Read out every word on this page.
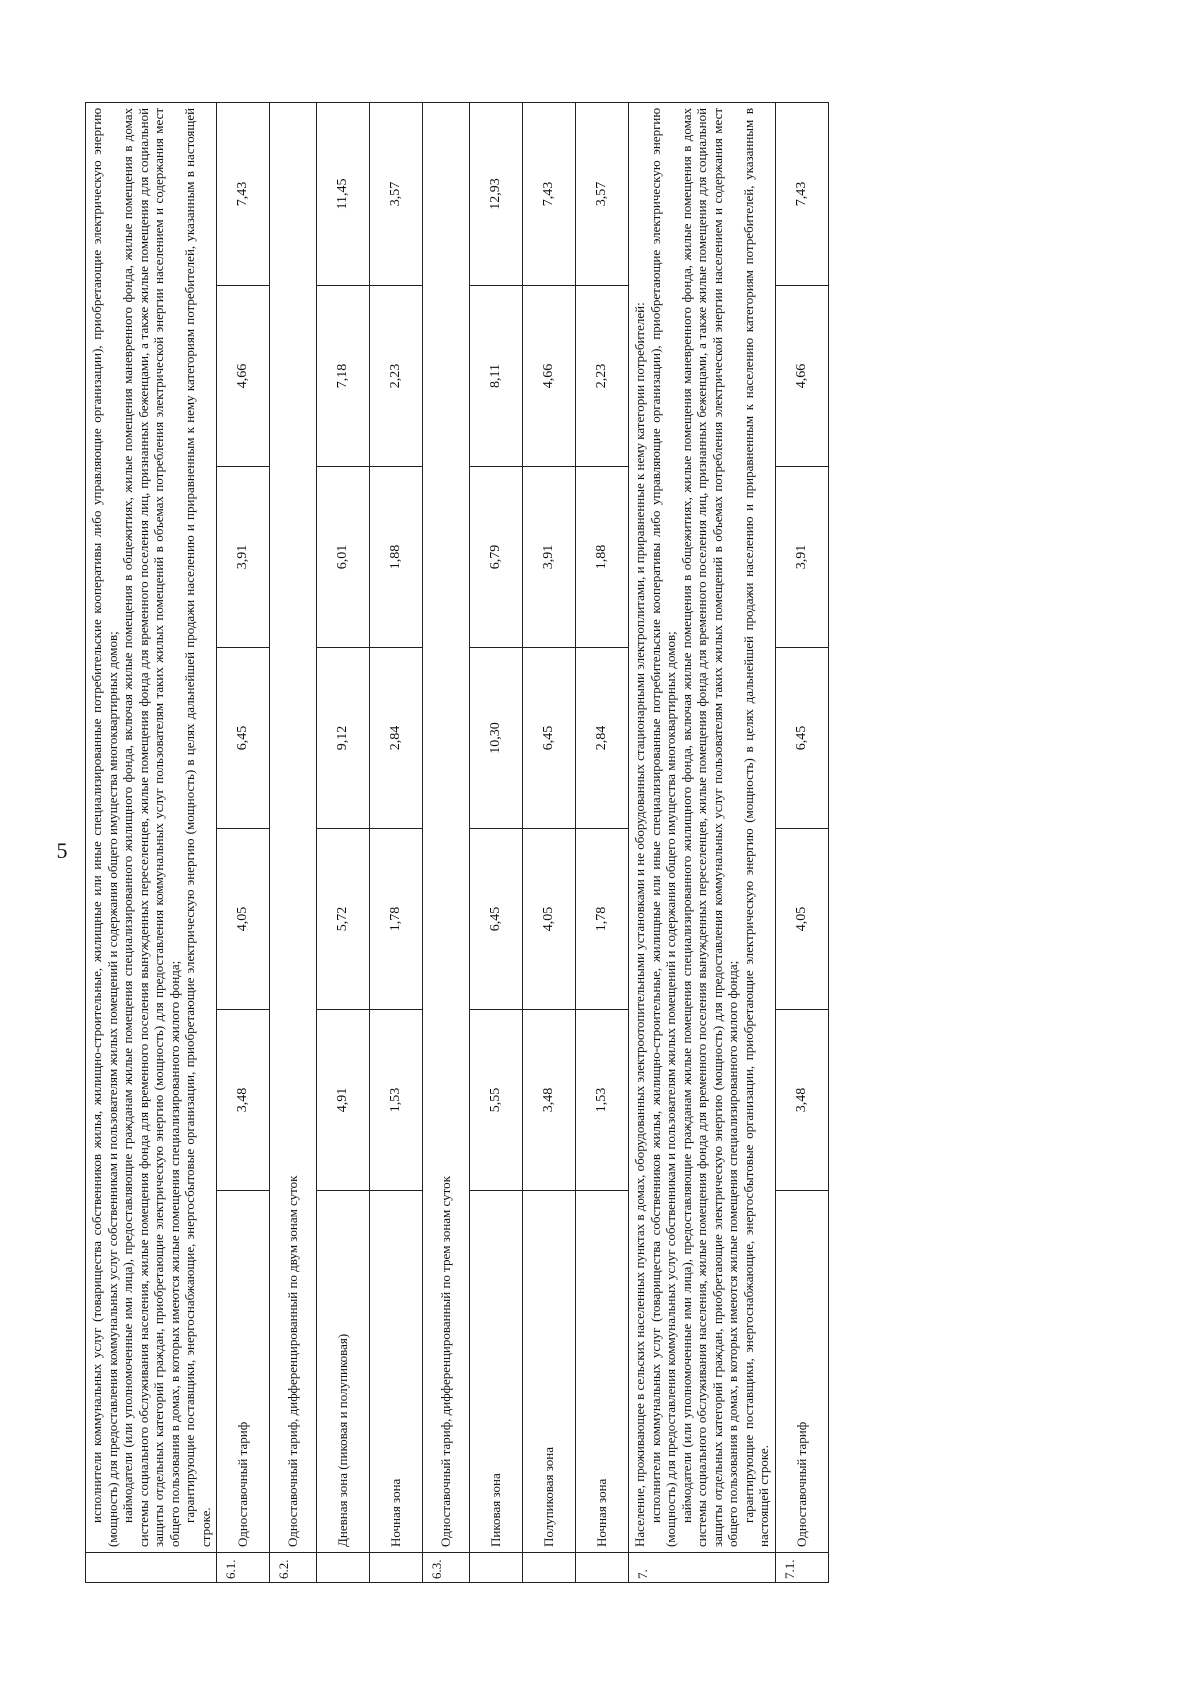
5

	исполнители коммунальных услуг (товарищества собственников жилья, жилищно-строительные, жилищные или иные специализированные потребительские кооперативы либо управляющие организации), приобретающие электрическую энергию (мощность) для предоставления коммунальных услуг собственникам и пользователям жилых помещений и содержания общего имущества многоквартирных домов; наймодатели (или уполномоченные ими лица), предоставляющие гражданам жилые помещения специализированного жилищного фонда, включая жилые помещения в общежитиях, жилые помещения маневренного фонда, жилые помещения в домах системы социального обслуживания населения, жилые помещения фонда для временного поселения вынужденных переселенцев, жилые помещения фонда для временного поселения лиц, признанных беженцами, а также жилые помещения для социальной защиты отдельных категорий граждан, приобретающие электрическую энергию (мощность) для предоставления коммунальных услуг пользователям таких жилых помещений в объемах потребления электрической энергии населением и содержания мест общего пользования в домах, в которых имеются жилые помещения специализированного жилого фонда; гарантирующие поставщики, энергоснабжающие, энергосбытовые организации, приобретающие электрическую энергию (мощность) в целях дальнейшей продажи населению и приравненным к нему категориям потребителей, указанным в настоящей строке.						

6.1.	Одноставочный тариф	3,48	4,05	6,45	3,91	4,66	7,43
6.2.	Одноставочный тариф, дифференцированный по двум зонам суток						
	Дневная зона (пиковая и полупиковая)	4,91	5,72	9,12	6,01	7,18	11,45
	Ночная зона	1,53	1,78	2,84	1,88	2,23	3,57
6.3.	Одноставочный тариф, дифференцированный по трем зонам суток						
	Пиковая зона	5,55	6,45	10,30	6,79	8,11	12,93
	Полупиковая зона	3,48	4,05	6,45	3,91	4,66	7,43
	Ночная зона	1,53	1,78	2,84	1,88	2,23	3,57
7.	Население, проживающее в сельских населенных пунктах в домах, оборудованных электроотопительными установками и не оборудованных стационарными электроплитами, и приравненные к нему категории потребителей: исполнители коммунальных услуг (товарищества собственников жилья, жилищно-строительные, жилищные или иные специализированные потребительские кооперативы либо управляющие организации), приобретающие электрическую энергию (мощность) для предоставления коммунальных услуг собственникам и пользователям жилых помещений и содержания общего имущества многоквартирных домов; наймодатели (или уполномоченные ими лица), предоставляющие гражданам жилые помещения специализированного жилищного фонда, включая жилые помещения в общежитиях, жилые помещения маневренного фонда, жилые помещения в домах системы социального обслуживания населения, жилые помещения фонда для временного поселения вынужденных переселенцев, жилые помещения фонда для временного поселения лиц, признанных беженцами, а также жилые помещения для социальной защиты отдельных категорий граждан, приобретающие электрическую энергию (мощность) для предоставления коммунальных услуг пользователям таких жилых помещений в объемах потребления электрической энергии населением и содержания мест общего пользования в домах, в которых имеются жилые помещения специализированного жилого фонда; гарантирующие поставщики, энергоснабжающие, энергосбытовые организации, приобретающие электрическую энергию (мощность) в целях дальнейшей продажи населению и приравненным к населению категориям потребителей, указанным в настоящей строке.						

7.1.	Одноставочный тариф	3,48	4,05	6,45	3,91	4,66	7,43
